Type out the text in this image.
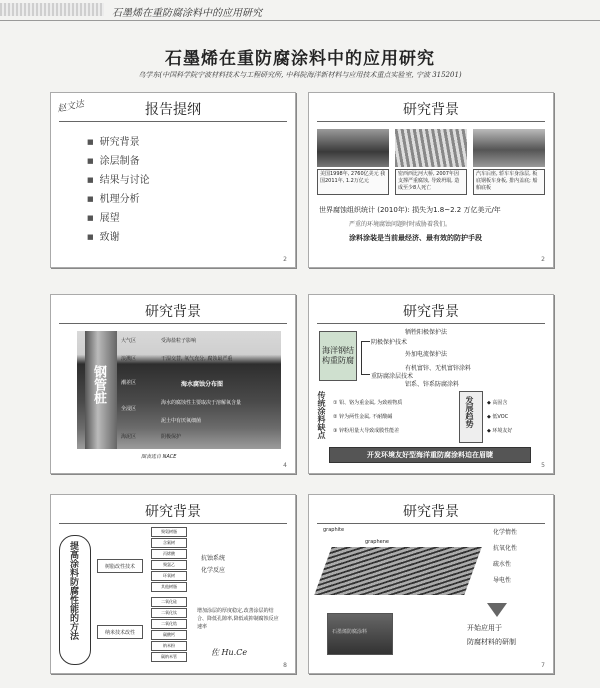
石墨烯在重防腐涂料中的应用研究
石墨烯在重防腐涂料中的应用研究
乌学东(中国科学院宁波材料技术与工程研究所, 中科院海洋新材料与应用技术重点实验室, 宁波 315201)
赵文达	报告提纲
■ 研究背景
■ 涂层制备
■ 结果与讨论
■ 机理分析
■ 展望
■ 致谢
2
研究背景
美国1998年, 2760亿美元 我国2011年, 1.2万亿元
密西西比河大桥, 2007年因 支撑严重腐蚀, 导致坍塌, 造成至少8人死亡
汽车后座, 轿车车身涂层, 板底钢板车身板, 排内盖底; 船舶底板
世界腐蚀组织统计 (2010年): 损失为1.8~2.2 万亿美元/年
严重的环境腐蚀问题时时威胁着我们。
涂料涂装是当前最经济、最有效的防护手段
2
研究背景
钢管桩
大气区
浪溅区
潮差区
全浸区
海泥区
受海盐粒子影响
干湿交替, 氧气充分, 腐蚀最严重
海水腐蚀分布图
海水的腐蚀性主要取决于溶解氧含量
泥土中有厌氧细菌
阴极保护
图表选自 NACE
4
研究背景
海洋钢结构重防腐
牺牲阳极保护法
阴极保护技术
外加电流保护法
有机富锌、无机富锌涂料
重防腐涂层技术
铝系、锌系防腐涂料
传统涂料缺点 ① 铅、铬为重金属, 为致癌物质
② 锌为两性金属, 不耐酸碱
③ 锌粉用量大导致成膜性能差
发展趋势 ◆ 高固含
◆ 低VOC
◆ 环境友好
开发环境友好型海洋重防腐涂料迫在眉睫
5
研究背景
提高涂料防腐性能的方法	树脂改性技术
聚氨树脂
含氟树
丙烯酸
聚氯乙
环氧树
其他树脂
抗蚀系统
化学反应
纳米技术改性
二氧化硅
二氧化钛
二氧化锆
碳酸钙
纳米粉
碳纳米管
增加涂层的厚度稳定,改善涂层的结合、降低孔隙率,降低或抑制腐蚀反应速率
佐 Hu.Ce
8
研究背景
graphite
graphene
化学惰性
抗氧化性
疏水性
导电性
石墨烯防腐涂料	开始应用于
防腐材料的研制
7
